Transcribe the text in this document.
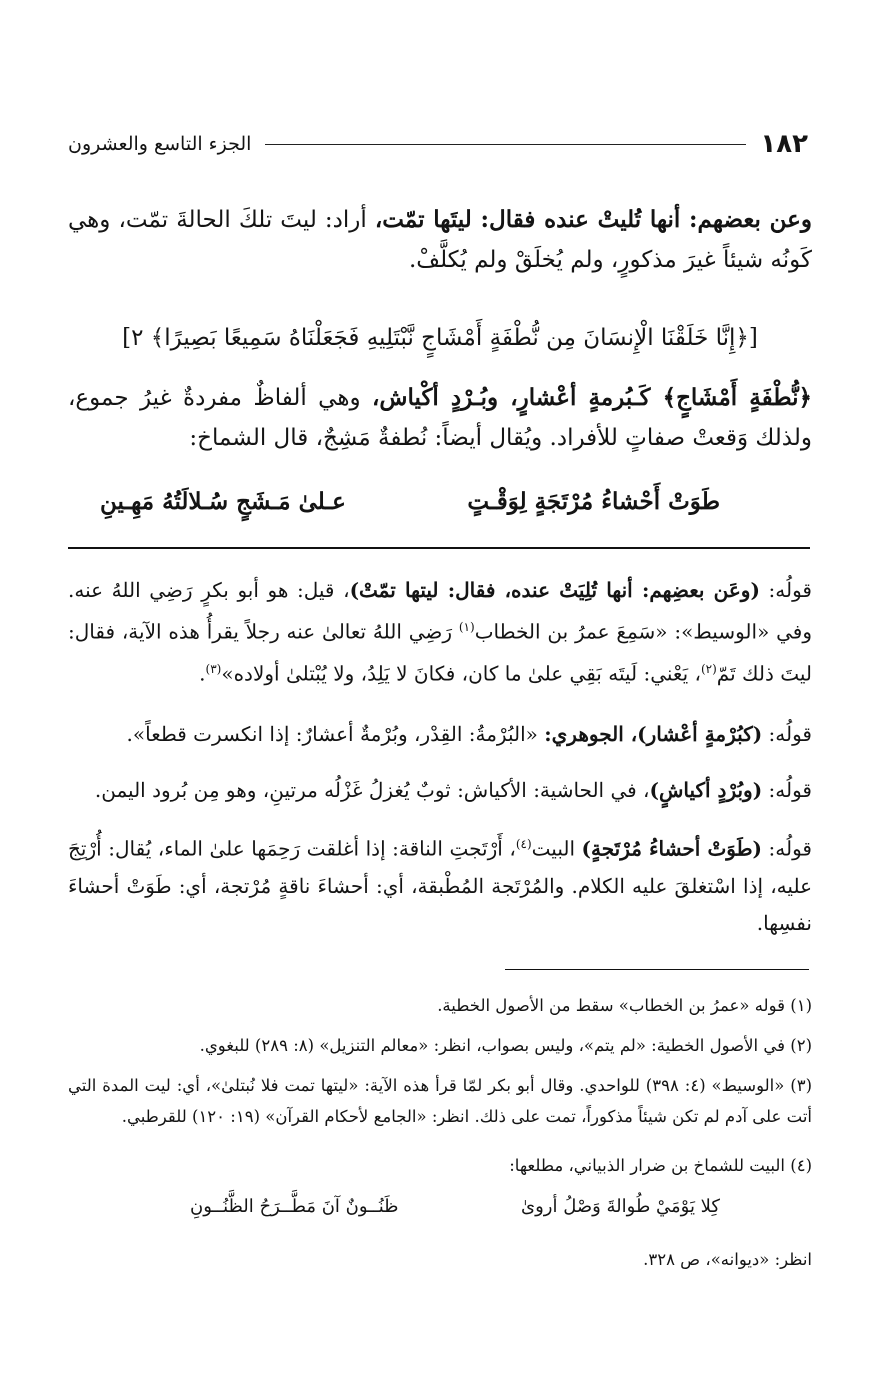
١٨٢
الجزء التاسع والعشرون

وعن بعضهم: أنها تُليتْ عنده فقال: ليتَها تمّت، أراد: ليتَ تلكَ الحالةَ تمّت، وهي كَونُه شيئاً غيرَ مذكورٍ، ولم يُخلَقْ ولم يُكلَّفْ.

[﴿إِنَّا خَلَقْنَا الْإِنسَانَ مِن نُّطْفَةٍ أَمْشَاجٍ نَّبْتَلِيهِ فَجَعَلْنَاهُ سَمِيعًا بَصِيرًا﴾ ٢]

﴿نُّطْفَةٍ أَمْشَاجٍ﴾ كَـبُرمةٍ أعْشارٍ، وبُـرْدٍ أكْياش، وهي ألفاظٌ مفردةٌ غيرُ جموع، ولذلك وَقعتْ صفاتٍ للأفراد. ويُقال أيضاً: نُطفةٌ مَشِجٌ، قال الشماخ:

طَوَتْ أَحْشاءُ مُرْتَجَةٍ لِوَقْـتٍ
عـلىٰ مَـشَجٍ سُـلالَتُهُ مَهِـينِ

قولُه: (وعَن بعضِهم: أنها تُلِيَتْ عنده، فقال: ليتها تمّتْ)، قيل: هو أبو بكرٍ رَضِي اللهُ عنه. وفي «الوسيط»: «سَمِعَ عمرُ بن الخطاب$^{(١)}$ رَضِي اللهُ تعالىٰ عنه رجلاً يقرأُ هذه الآية، فقال: ليتَ ذلك تَمّ$^{(٢)}$، يَعْني: لَيتَه بَقِي علىٰ ما كان، فكانَ لا يَلِدُ، ولا يُبْتلىٰ أولاده»$^{(٣)}$.

قولُه: (كبُرْمةٍ أعْشار)، الجوهري: «البُرْمةُ: القِدْر، وبُرْمةٌ أعشارٌ: إذا انكسرت قطعاً».

قولُه: (وبُرْدٍ أكياشٍ)، في الحاشية: الأكياش: ثوبٌ يُغزلُ غَزْلُه مرتينِ، وهو مِن بُرود اليمن.

قولُه: (طَوَتْ أحشاءُ مُرْتَجةٍ) البيت$^{(٤)}$، أَرْتَجتِ الناقة: إذا أغلقت رَحِمَها علىٰ الماء، يُقال: أُرْتِجَ عليه، إذا اسْتغلقَ عليه الكلام. والمُرْتَجة المُطْبقة، أي: أحشاءَ ناقةٍ مُرْتجة، أي: طَوَتْ أحشاءَ نفسِها.

(١) قوله «عمرُ بن الخطاب» سقط من الأصول الخطية.

(٢) في الأصول الخطية: «لم يتم»، وليس بصواب، انظر: «معالم التنزيل» (٨: ٢٨٩) للبغوي.

(٣) «الوسيط» (٤: ٣٩٨) للواحدي. وقال أبو بكر لمّا قرأ هذه الآية: «ليتها تمت فلا نُبتلىٰ»، أي: ليت المدة التي أتت على آدم لم تكن شيئاً مذكوراً، تمت على ذلك. انظر: «الجامع لأحكام القرآن» (١٩: ١٢٠) للقرطبي.

(٤) البيت للشماخ بن ضرار الذبياني، مطلعها:

كِلا يَوْمَيْ طُوالةَ وَصْلُ أروىٰ
ظَنُــونٌ آنَ مَطَّــرَحُ الظَّنُــونِ

انظر: «ديوانه»، ص ٣٢٨.
